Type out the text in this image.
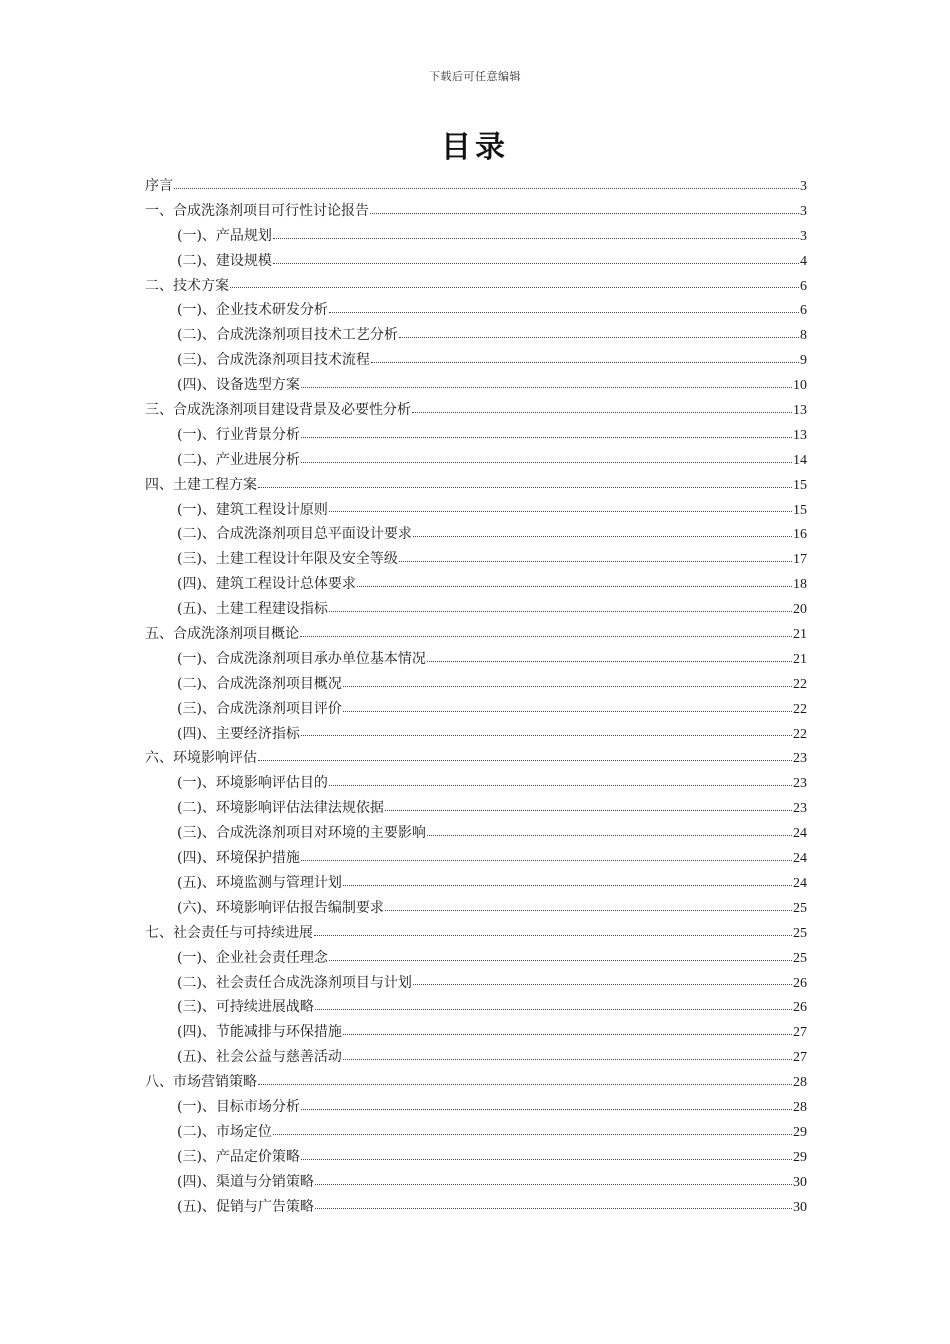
下载后可任意编辑
目录
序言	3
一、合成洗涤剂项目可行性讨论报告	3
(一)、产品规划	3
(二)、建设规模	4
二、技术方案	6
(一)、企业技术研发分析	6
(二)、合成洗涤剂项目技术工艺分析	8
(三)、合成洗涤剂项目技术流程	9
(四)、设备选型方案	10
三、合成洗涤剂项目建设背景及必要性分析	13
(一)、行业背景分析	13
(二)、产业进展分析	14
四、土建工程方案	15
(一)、建筑工程设计原则	15
(二)、合成洗涤剂项目总平面设计要求	16
(三)、土建工程设计年限及安全等级	17
(四)、建筑工程设计总体要求	18
(五)、土建工程建设指标	20
五、合成洗涤剂项目概论	21
(一)、合成洗涤剂项目承办单位基本情况	21
(二)、合成洗涤剂项目概况	22
(三)、合成洗涤剂项目评价	22
(四)、主要经济指标	22
六、环境影响评估	23
(一)、环境影响评估目的	23
(二)、环境影响评估法律法规依据	23
(三)、合成洗涤剂项目对环境的主要影响	24
(四)、环境保护措施	24
(五)、环境监测与管理计划	24
(六)、环境影响评估报告编制要求	25
七、社会责任与可持续进展	25
(一)、企业社会责任理念	25
(二)、社会责任合成洗涤剂项目与计划	26
(三)、可持续进展战略	26
(四)、节能减排与环保措施	27
(五)、社会公益与慈善活动	27
八、市场营销策略	28
(一)、目标市场分析	28
(二)、市场定位	29
(三)、产品定价策略	29
(四)、渠道与分销策略	30
(五)、促销与广告策略	30
